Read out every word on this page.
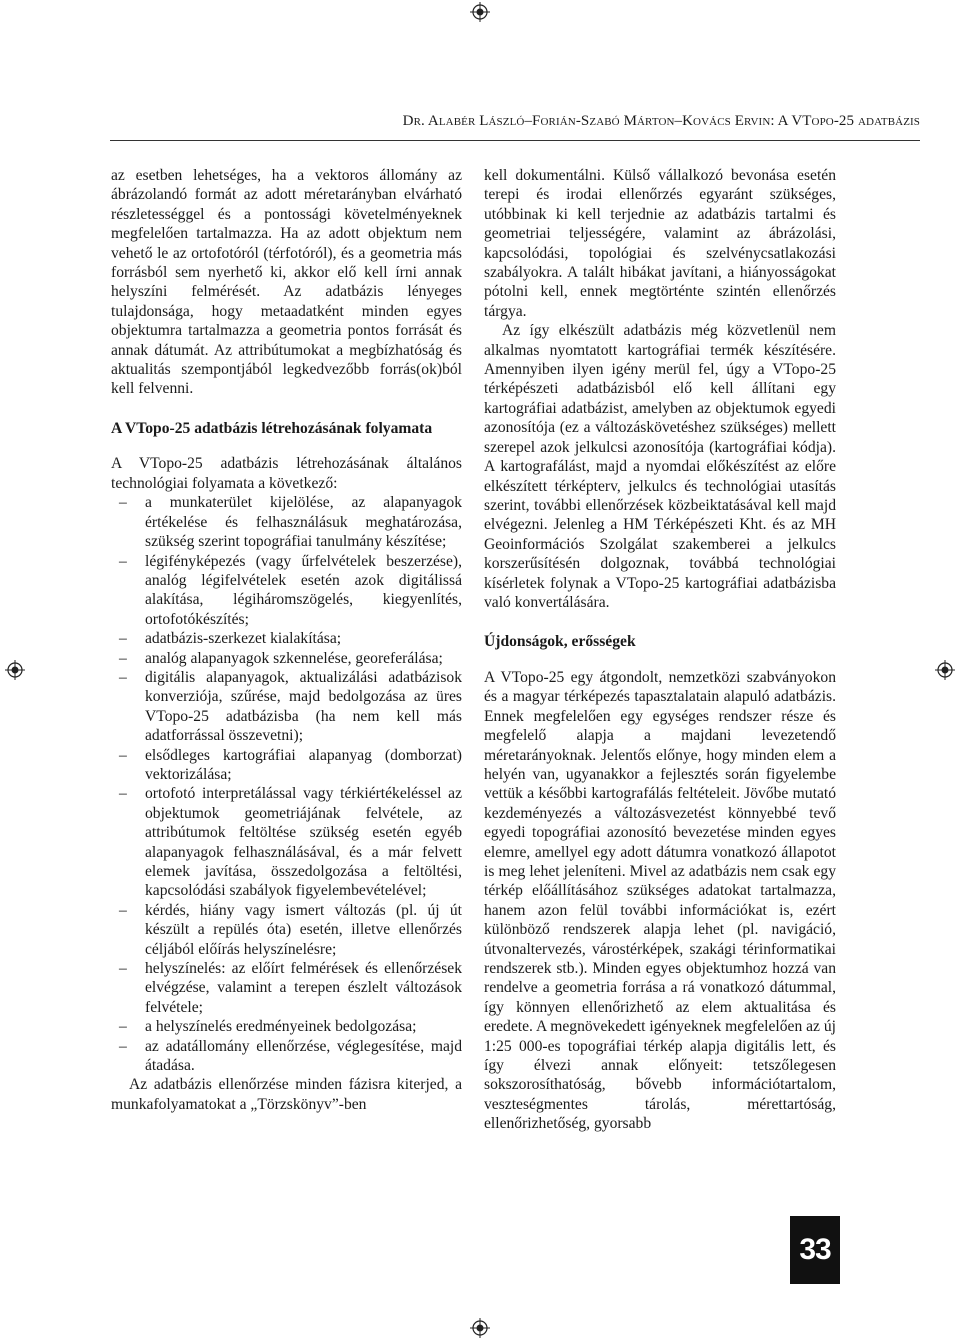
Dr. Alabér László–Forián-Szabó Márton–Kovács Ervin: A VTopo-25 adatbázis

az esetben lehetséges, ha a vektoros állomány az ábrázolandó formát az adott méretarányban elvárható részletességgel és a pontossági követelményeknek megfelelően tartalmazza. Ha az adott objektum nem vehető le az ortofotóról (térfotóról), és a geometria más forrásból sem nyerhető ki, akkor elő kell írni annak helyszíni felmérését. Az adatbázis lényeges tulajdonsága, hogy metaadatként minden egyes objektumra tartalmazza a geometria pontos forrását és annak dátumát. Az attribútumokat a megbízhatóság és aktualitás szempontjából legkedvezőbb forrás(ok)ból kell felvenni.

A VTopo-25 adatbázis létrehozásának folyamata

A VTopo-25 adatbázis létrehozásának általános technológiai folyamata a következő:

– a munkaterület kijelölése, az alapanyagok értékelése és felhasználásuk meghatározása, szükség szerint topográfiai tanulmány készítése;
– légifényképezés (vagy űrfelvételek beszerzése), analóg légifelvételek esetén azok digitálissá alakítása, légiháromszögelés, kiegyenlítés, ortofotókészítés;
– adatbázis-szerkezet kialakítása;
– analóg alapanyagok szkennelése, georeferálása;
– digitális alapanyagok, aktualizálási adatbázisok konverziója, szűrése, majd bedolgozása az üres VTopo-25 adatbázisba (ha nem kell más adatforrással összevetni);
– elsődleges kartográfiai alapanyag (domborzat) vektorizálása;
– ortofotó interpretálással vagy térkiértékeléssel az objektumok geometriájának felvétele, az attribútumok feltöltése szükség esetén egyéb alapanyagok felhasználásával, és a már felvett elemek javítása, összedolgozása a feltöltési, kapcsolódási szabályok figyelembevételével;
– kérdés, hiány vagy ismert változás (pl. új út készült a repülés óta) esetén, illetve ellenőrzés céljából előírás helyszínelésre;
– helyszínelés: az előírt felmérések és ellenőrzések elvégzése, valamint a terepen észlelt változások felvétele;
– a helyszínelés eredményeinek bedolgozása;
– az adatállomány ellenőrzése, véglegesítése, majd átadása.

Az adatbázis ellenőrzése minden fázisra kiterjed, a munkafolyamatokat a „Törzskönyv”-ben

kell dokumentálni. Külső vállalkozó bevonása esetén terepi és irodai ellenőrzés egyaránt szükséges, utóbbinak ki kell terjednie az adatbázis tartalmi és geometriai teljességére, valamint az ábrázolási, kapcsolódási, topológiai és szelvénycsatlakozási szabályokra. A talált hibákat javítani, a hiányosságokat pótolni kell, ennek megtörténte szintén ellenőrzés tárgya.

Az így elkészült adatbázis még közvetlenül nem alkalmas nyomtatott kartográfiai termék készítésére. Amennyiben ilyen igény merül fel, úgy a VTopo-25 térképészeti adatbázisból elő kell állítani egy kartográfiai adatbázist, amelyben az objektumok egyedi azonosítója (ez a változáskövetéshez szükséges) mellett szerepel azok jelkulcsi azonosítója (kartográfiai kódja). A kartografálást, majd a nyomdai előkészítést az előre elkészített térképterv, jelkulcs és technológiai utasítás szerint, további ellenőrzések közbeiktatásával kell majd elvégezni. Jelenleg a HM Térképészeti Kht. és az MH Geoinformációs Szolgálat szakemberei a jelkulcs korszerűsítésén dolgoznak, továbbá technológiai kísérletek folynak a VTopo-25 kartográfiai adatbázisba való konvertálására.

Újdonságok, erősségek

A VTopo-25 egy átgondolt, nemzetközi szabványokon és a magyar térképezés tapasztalatain alapuló adatbázis. Ennek megfelelően egy egységes rendszer része és megfelelő alapja a majdani levezetendő méretarányoknak. Jelentős előnye, hogy minden elem a helyén van, ugyanakkor a fejlesztés során figyelembe vettük a későbbi kartografálás feltételeit. Jövőbe mutató kezdeményezés a változásvezetést könnyebbé tevő egyedi topográfiai azonosító bevezetése minden egyes elemre, amellyel egy adott dátumra vonatkozó állapotot is meg lehet jeleníteni. Mivel az adatbázis nem csak egy térkép előállításához szükséges adatokat tartalmazza, hanem azon felül további információkat is, ezért különböző rendszerek alapja lehet (pl. navigáció, útvonaltervezés, várostérképek, szakági térinformatikai rendszerek stb.). Minden egyes objektumhoz hozzá van rendelve a geometria forrása a rá vonatkozó dátummal, így könnyen ellenőrizhető az elem aktualitása és eredete. A megnövekedett igényeknek megfelelően az új 1:25 000-es topográfiai térkép alapja digitális lett, és így élvezi annak előnyeit: tetszőlegesen sokszorosíthatóság, bővebb információtartalom, veszteségmentes tárolás, mérettartóság, ellenőrizhetőség, gyorsabb

33
